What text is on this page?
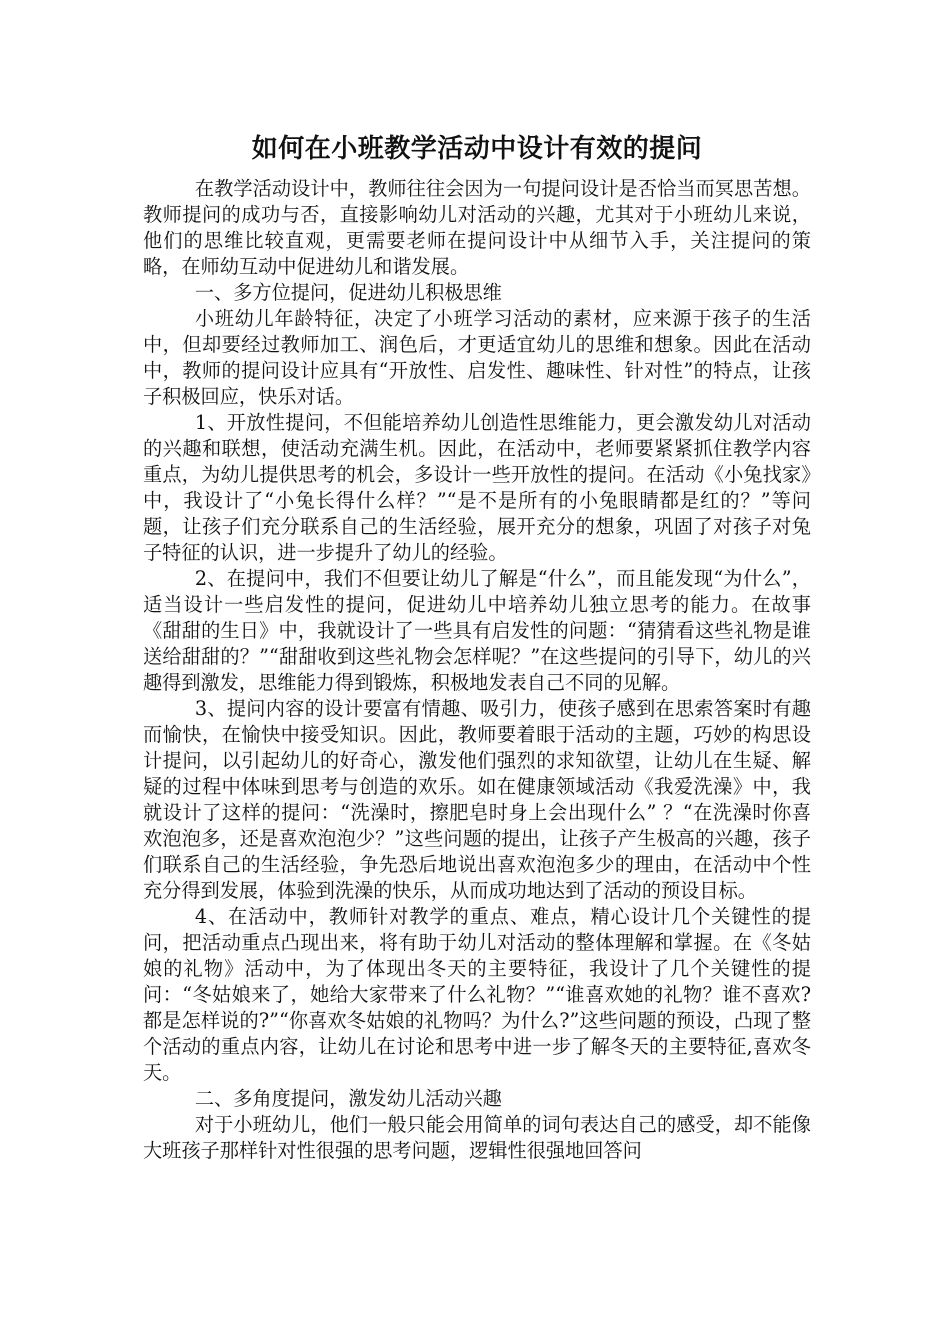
如何在小班教学活动中设计有效的提问

在教学活动设计中，教师往往会因为一句提问设计是否恰当而冥思苦想。教师提问的成功与否，直接影响幼儿对活动的兴趣，尤其对于小班幼儿来说，他们的思维比较直观，更需要老师在提问设计中从细节入手，关注提问的策略，在师幼互动中促进幼儿和谐发展。

一、多方位提问，促进幼儿积极思维

小班幼儿年龄特征，决定了小班学习活动的素材，应来源于孩子的生活中，但却要经过教师加工、润色后，才更适宜幼儿的思维和想象。因此在活动中，教师的提问设计应具有“开放性、启发性、趣味性、针对性”的特点，让孩子积极回应，快乐对话。

1、开放性提问，不但能培养幼儿创造性思维能力，更会激发幼儿对活动的兴趣和联想，使活动充满生机。因此，在活动中，老师要紧紧抓住教学内容重点，为幼儿提供思考的机会，多设计一些开放性的提问。在活动《小兔找家》中，我设计了“小兔长得什么样？”“是不是所有的小兔眼睛都是红的？”等问题，让孩子们充分联系自己的生活经验，展开充分的想象，巩固了对孩子对兔子特征的认识，进一步提升了幼儿的经验。

2、在提问中，我们不但要让幼儿了解是“什么”，而且能发现“为什么”，适当设计一些启发性的提问，促进幼儿中培养幼儿独立思考的能力。在故事《甜甜的生日》中，我就设计了一些具有启发性的问题：“猜猜看这些礼物是谁送给甜甜的？”“甜甜收到这些礼物会怎样呢？”在这些提问的引导下，幼儿的兴趣得到激发，思维能力得到锻炼，积极地发表自己不同的见解。

3、提问内容的设计要富有情趣、吸引力，使孩子感到在思索答案时有趣而愉快，在愉快中接受知识。因此，教师要着眼于活动的主题，巧妙的构思设计提问，以引起幼儿的好奇心，激发他们强烈的求知欲望，让幼儿在生疑、解疑的过程中体味到思考与创造的欢乐。如在健康领域活动《我爱洗澡》中，我就设计了这样的提问：“洗澡时，擦肥皂时身上会出现什么” ？“在洗澡时你喜欢泡泡多，还是喜欢泡泡少？”这些问题的提出，让孩子产生极高的兴趣，孩子们联系自己的生活经验，争先恐后地说出喜欢泡泡多少的理由，在活动中个性充分得到发展，体验到洗澡的快乐，从而成功地达到了活动的预设目标。

4、在活动中，教师针对教学的重点、难点，精心设计几个关键性的提问，把活动重点凸现出来，将有助于幼儿对活动的整体理解和掌握。在《冬姑娘的礼物》活动中，为了体现出冬天的主要特征，我设计了几个关键性的提问：“冬姑娘来了，她给大家带来了什么礼物？”“谁喜欢她的礼物？谁不喜欢?都是怎样说的?”“你喜欢冬姑娘的礼物吗？为什么?”这些问题的预设，凸现了整个活动的重点内容，让幼儿在讨论和思考中进一步了解冬天的主要特征,喜欢冬天。

二、多角度提问，激发幼儿活动兴趣

对于小班幼儿，他们一般只能会用简单的词句表达自己的感受，却不能像大班孩子那样针对性很强的思考问题，逻辑性很强地回答问
